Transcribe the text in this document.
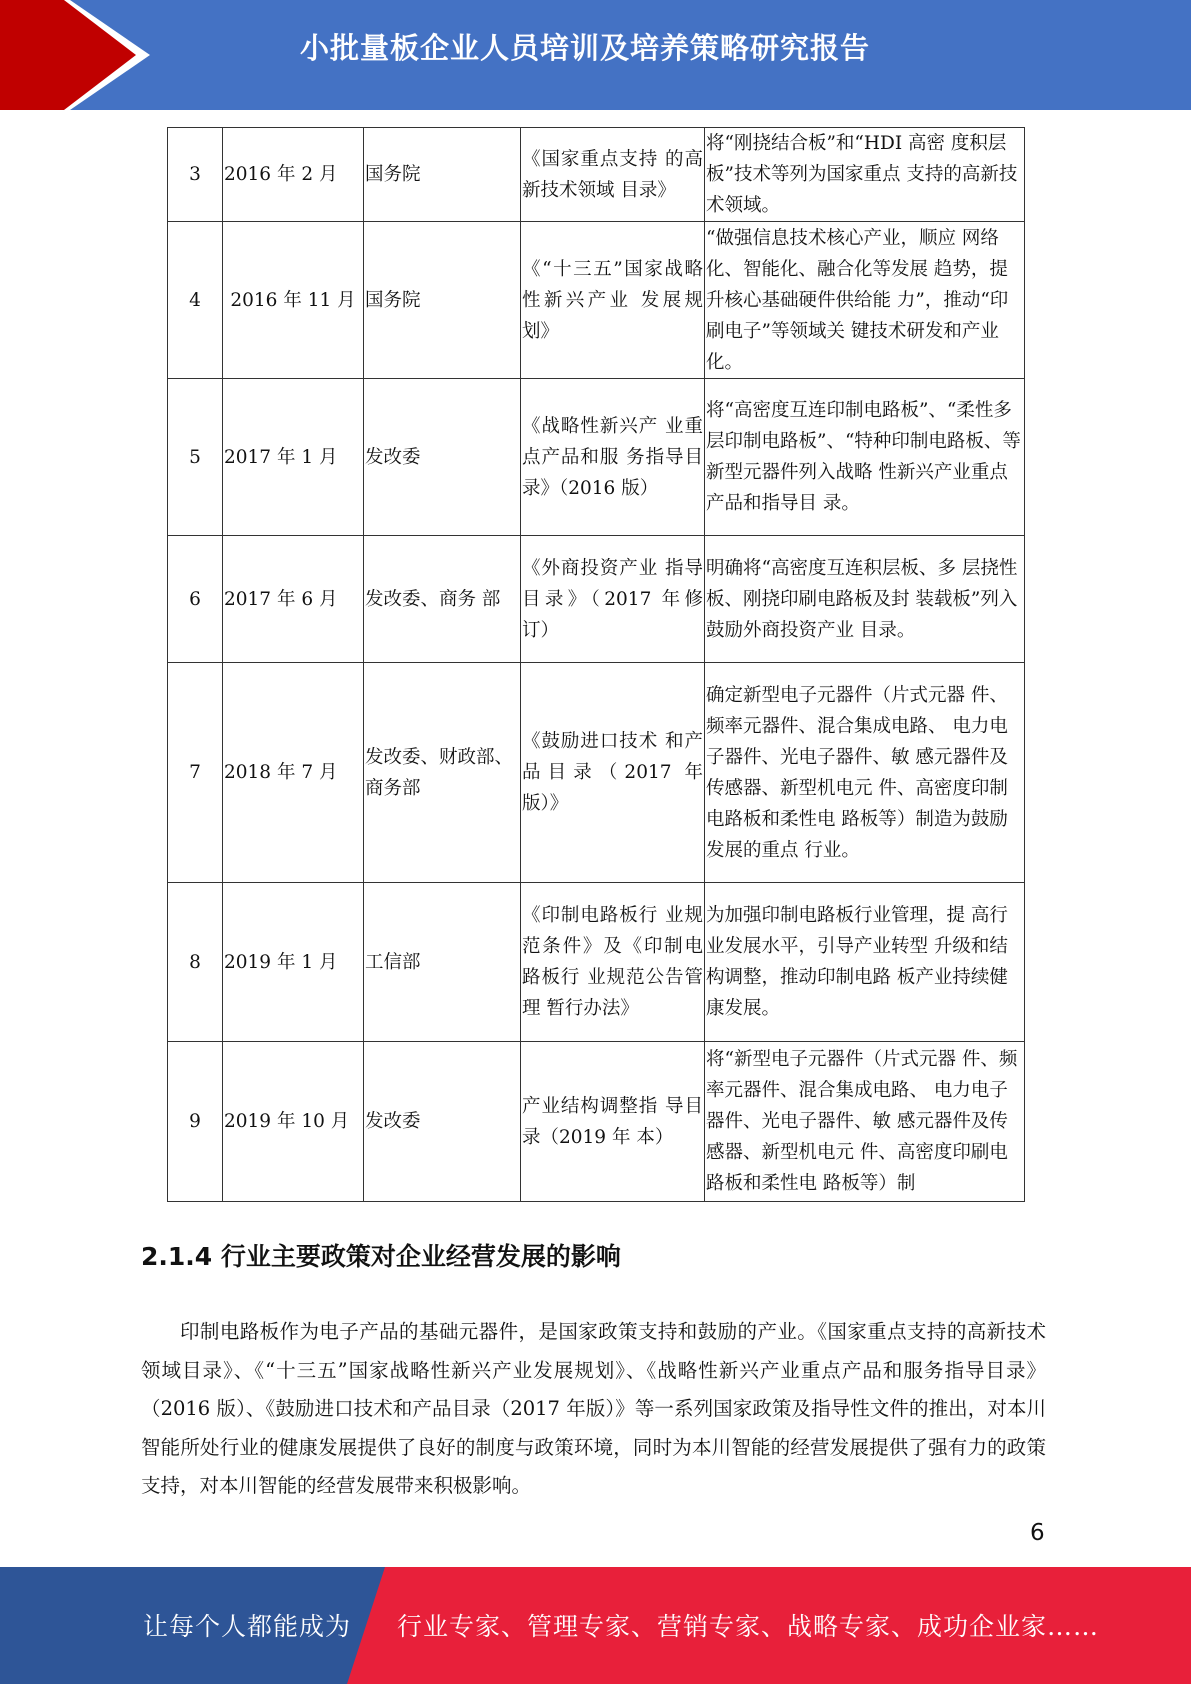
小批量板企业人员培训及培养策略研究报告
3	2016 年 2 月	国务院	《国家重点支持 的高新技术领域 目录》	将“刚挠结合板”和“HDI 高密 度积层板”技术等列为国家重点 支持的高新技术领域。
4	2016 年 11 月	国务院	《“十三五”国家战略性新兴产业 发展规划》	“做强信息技术核心产业，顺应 网络化、智能化、融合化等发展 趋势，提升核心基础硬件供给能 力”，推动“印刷电子”等领域关 键技术研发和产业化。
5	2017 年 1 月	发改委	《战略性新兴产 业重点产品和服 务指导目录》（2016 版）	将“高密度互连印制电路板”、“柔性多层印制电路板”、“特种印制电路板、等新型元器件列入战略 性新兴产业重点产品和指导目 录。
6	2017 年 6 月	发改委、商务 部	《外商投资产业 指导目录》（2017 年修订）	明确将“高密度互连积层板、多 层挠性板、刚挠印刷电路板及封 装载板”列入鼓励外商投资产业 目录。
7	2018 年 7 月	发改委、财政部、商务部	《鼓励进口技术 和产品目录（2017 年版）》	确定新型电子元器件（片式元器 件、频率元器件、混合集成电路、 电力电子器件、光电子器件、敏 感元器件及传感器、新型机电元 件、高密度印制电路板和柔性电 路板等）制造为鼓励发展的重点 行业。
8	2019 年 1 月	工信部	《印制电路板行 业规范条件》及《印制电路板行 业规范公告管理 暂行办法》	为加强印制电路板行业管理，提 高行业发展水平，引导产业转型 升级和结构调整，推动印制电路 板产业持续健康发展。
9	2019 年 10 月	发改委	产业结构调整指 导目录（2019 年 本）	将“新型电子元器件（片式元器 件、频率元器件、混合集成电路、 电力电子器件、光电子器件、敏 感元器件及传感器、新型机电元 件、高密度印刷电路板和柔性电 路板等）制
2.1.4 行业主要政策对企业经营发展的影响

印制电路板作为电子产品的基础元器件，是国家政策支持和鼓励的产业。《国家重点支持的高新技术领域目录》、《“十三五”国家战略性新兴产业发展规划》、《战略性新兴产业重点产品和服务指导目录》（2016 版）、《鼓励进口技术和产品目录（2017 年版）》等一系列国家政策及指导性文件的推出，对本川智能所处行业的健康发展提供了良好的制度与政策环境，同时为本川智能的经营发展提供了强有力的政策支持，对本川智能的经营发展带来积极影响。

6
让每个人都能成为 行业专家、管理专家、营销专家、战略专家、成功企业家……
